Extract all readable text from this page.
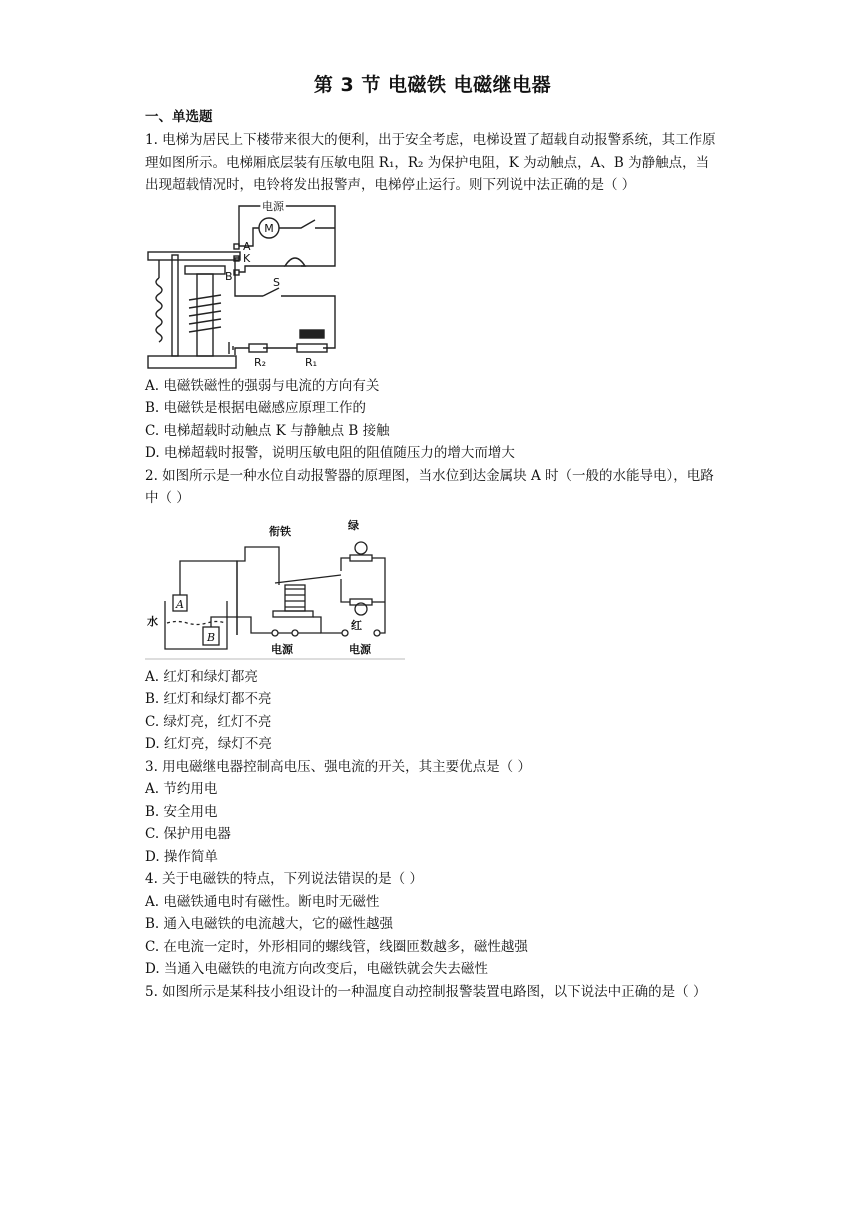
第 3 节 电磁铁 电磁继电器
一、单选题

1. 电梯为居民上下楼带来很大的便利，出于安全考虑，电梯设置了超载自动报警系统，其工作原理如图所示。电梯厢底层装有压敏电阻 R₁，R₂ 为保护电阻，K 为动触点，A、B 为静触点，当出现超载情况时，电铃将发出报警声，电梯停止运行。则下列说中法正确的是（ ）

电源
M
A
K
B	S
R₂	R₁
A. 电磁铁磁性的强弱与电流的方向有关
B. 电磁铁是根据电磁感应原理工作的
C. 电梯超载时动触点 K 与静触点 B 接触
D. 电梯超载时报警，说明压敏电阻的阻值随压力的增大而增大

2. 如图所示是一种水位自动报警器的原理图，当水位到达金属块 A 时（一般的水能导电），电路中（ ）

衔铁	绿
红
水
电源	电源
A
B
A. 红灯和绿灯都亮
B. 红灯和绿灯都不亮
C. 绿灯亮，红灯不亮
D. 红灯亮，绿灯不亮

3. 用电磁继电器控制高电压、强电流的开关，其主要优点是（ ）

A. 节约用电
B. 安全用电
C. 保护用电器
D. 操作简单

4. 关于电磁铁的特点，下列说法错误的是（ ）

A. 电磁铁通电时有磁性。断电时无磁性
B. 通入电磁铁的电流越大，它的磁性越强
C. 在电流一定时，外形相同的螺线管，线圈匝数越多，磁性越强
D. 当通入电磁铁的电流方向改变后，电磁铁就会失去磁性

5. 如图所示是某科技小组设计的一种温度自动控制报警装置电路图，以下说法中正确的是（ ）
